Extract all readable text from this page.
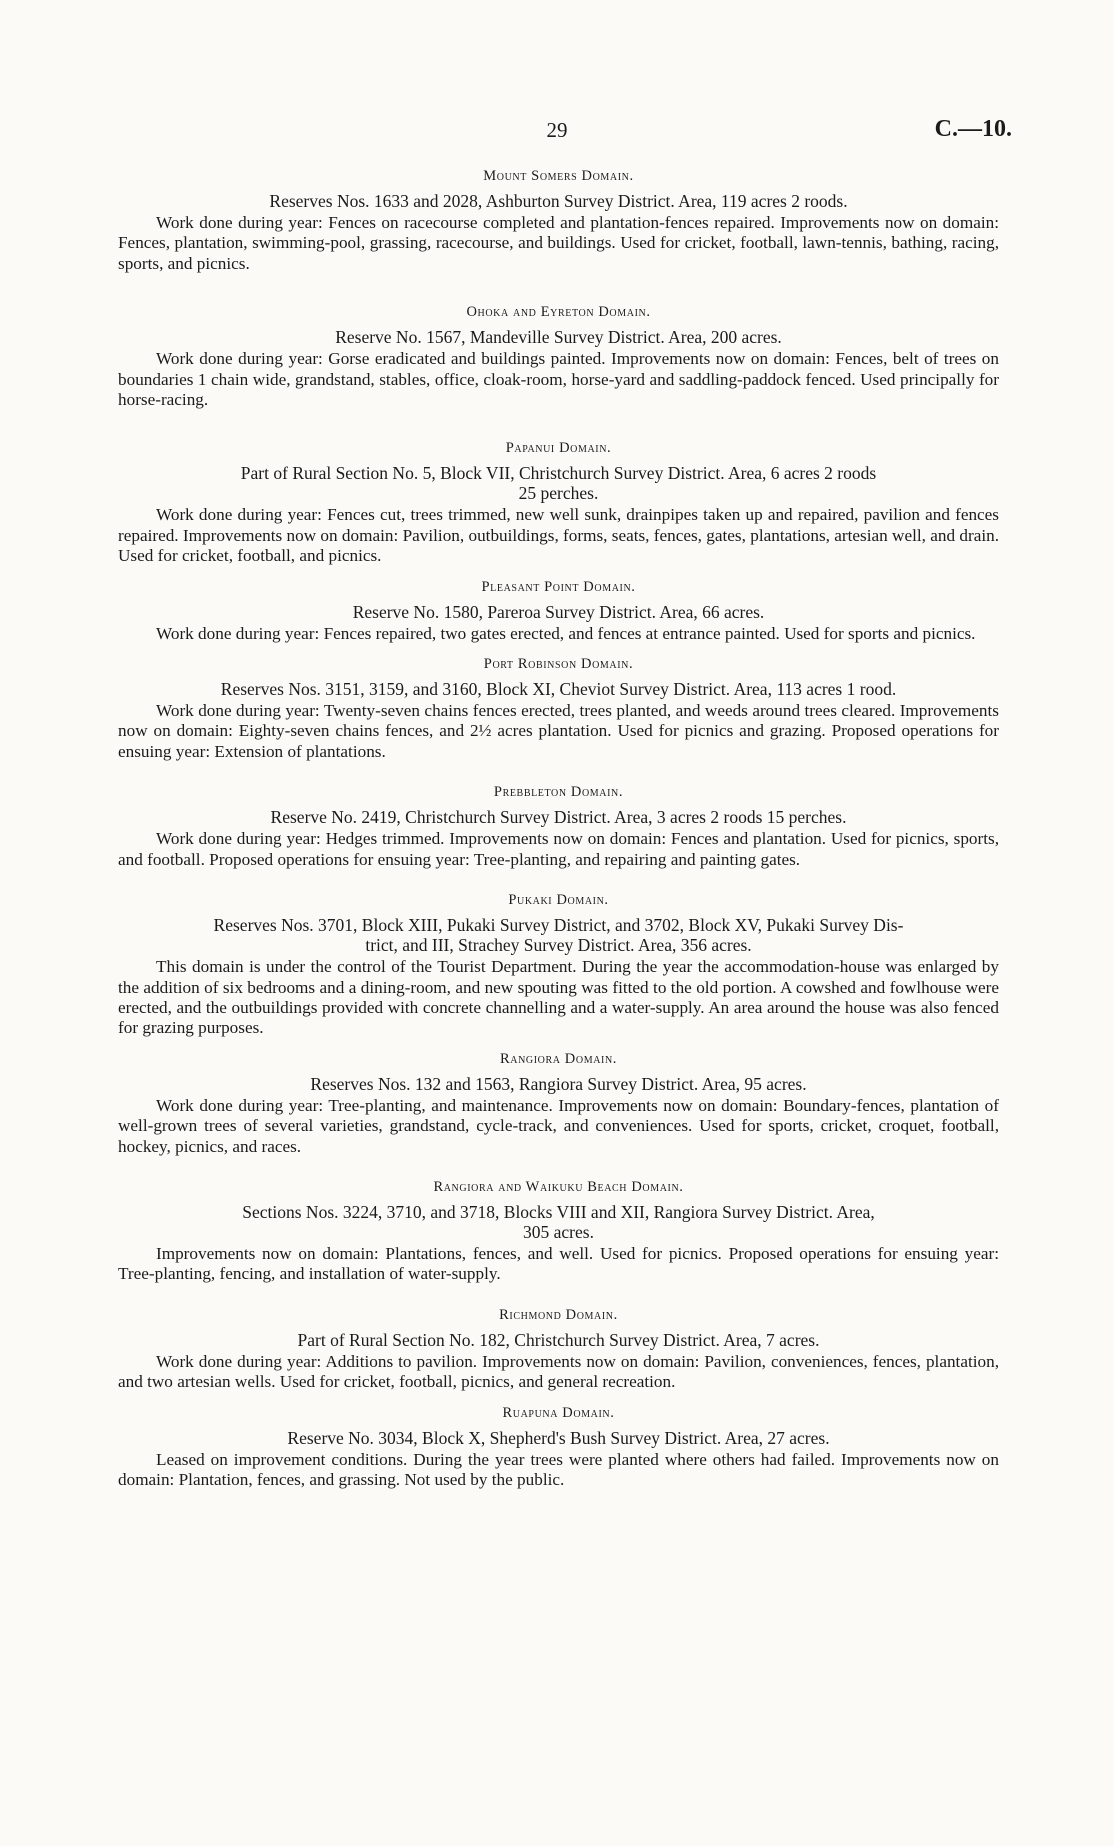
29	C.—10.
Mount Somers Domain.
Reserves Nos. 1633 and 2028, Ashburton Survey District. Area, 119 acres 2 roods.

Work done during year: Fences on racecourse completed and plantation-fences repaired. Improvements now on domain: Fences, plantation, swimming-pool, grassing, racecourse, and buildings. Used for cricket, football, lawn-tennis, bathing, racing, sports, and picnics.

Ohoka and Eyreton Domain.
Reserve No. 1567, Mandeville Survey District. Area, 200 acres.

Work done during year: Gorse eradicated and buildings painted. Improvements now on domain: Fences, belt of trees on boundaries 1 chain wide, grandstand, stables, office, cloak-room, horse-yard and saddling-paddock fenced. Used principally for horse-racing.

Papanui Domain.
Part of Rural Section No. 5, Block VII, Christchurch Survey District. Area, 6 acres 2 roods
25 perches.

Work done during year: Fences cut, trees trimmed, new well sunk, drainpipes taken up and repaired, pavilion and fences repaired. Improvements now on domain: Pavilion, outbuildings, forms, seats, fences, gates, plantations, artesian well, and drain. Used for cricket, football, and picnics.

Pleasant Point Domain.
Reserve No. 1580, Pareroa Survey District. Area, 66 acres.

Work done during year: Fences repaired, two gates erected, and fences at entrance painted. Used for sports and picnics.

Port Robinson Domain.
Reserves Nos. 3151, 3159, and 3160, Block XI, Cheviot Survey District. Area, 113 acres 1 rood.

Work done during year: Twenty-seven chains fences erected, trees planted, and weeds around trees cleared. Improvements now on domain: Eighty-seven chains fences, and 2½ acres plantation. Used for picnics and grazing. Proposed operations for ensuing year: Extension of plantations.

Prebbleton Domain.
Reserve No. 2419, Christchurch Survey District. Area, 3 acres 2 roods 15 perches.

Work done during year: Hedges trimmed. Improvements now on domain: Fences and plantation. Used for picnics, sports, and football. Proposed operations for ensuing year: Tree-planting, and repairing and painting gates.

Pukaki Domain.
Reserves Nos. 3701, Block XIII, Pukaki Survey District, and 3702, Block XV, Pukaki Survey Dis-
trict, and III, Strachey Survey District. Area, 356 acres.

This domain is under the control of the Tourist Department. During the year the accommodation-house was enlarged by the addition of six bedrooms and a dining-room, and new spouting was fitted to the old portion. A cowshed and fowlhouse were erected, and the outbuildings provided with concrete channelling and a water-supply. An area around the house was also fenced for grazing purposes.

Rangiora Domain.
Reserves Nos. 132 and 1563, Rangiora Survey District. Area, 95 acres.

Work done during year: Tree-planting, and maintenance. Improvements now on domain: Boundary-fences, plantation of well-grown trees of several varieties, grandstand, cycle-track, and conveniences. Used for sports, cricket, croquet, football, hockey, picnics, and races.

Rangiora and Waikuku Beach Domain.
Sections Nos. 3224, 3710, and 3718, Blocks VIII and XII, Rangiora Survey District. Area,
305 acres.

Improvements now on domain: Plantations, fences, and well. Used for picnics. Proposed operations for ensuing year: Tree-planting, fencing, and installation of water-supply.

Richmond Domain.
Part of Rural Section No. 182, Christchurch Survey District. Area, 7 acres.

Work done during year: Additions to pavilion. Improvements now on domain: Pavilion, conveniences, fences, plantation, and two artesian wells. Used for cricket, football, picnics, and general recreation.

Ruapuna Domain.
Reserve No. 3034, Block X, Shepherd's Bush Survey District. Area, 27 acres.

Leased on improvement conditions. During the year trees were planted where others had failed. Improvements now on domain: Plantation, fences, and grassing. Not used by the public.
